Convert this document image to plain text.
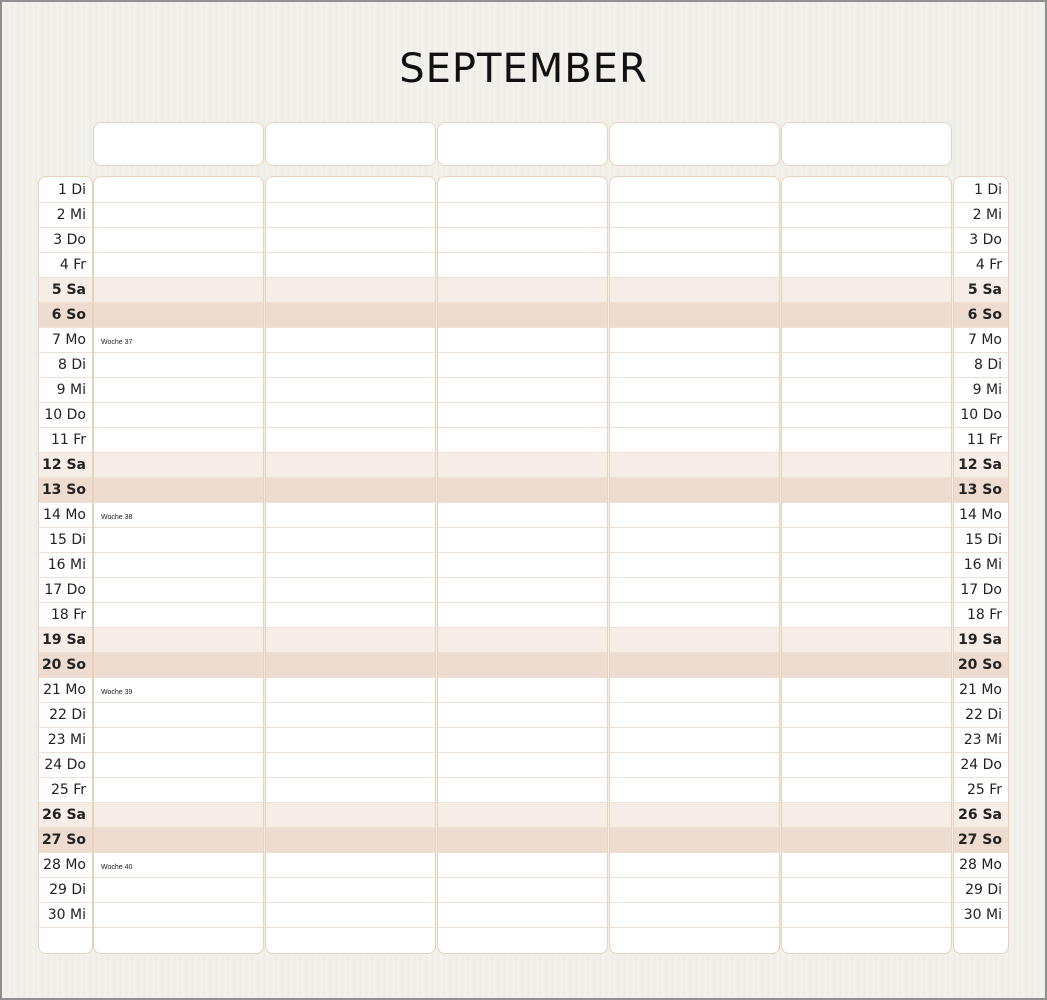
SEPTEMBER
1 Di
2 Mi
3 Do
4 Fr
5 Sa
6 So
7 Mo
8 Di
9 Mi
10 Do
11 Fr
12 Sa
13 So
14 Mo
15 Di
16 Mi
17 Do
18 Fr
19 Sa
20 So
21 Mo
22 Di
23 Mi
24 Do
25 Fr
26 Sa
27 So
28 Mo
29 Di
30 Mi
Woche 37
Woche 38
Woche 39
Woche 40
1 Di
2 Mi
3 Do
4 Fr
5 Sa
6 So
7 Mo
8 Di
9 Mi
10 Do
11 Fr
12 Sa
13 So
14 Mo
15 Di
16 Mi
17 Do
18 Fr
19 Sa
20 So
21 Mo
22 Di
23 Mi
24 Do
25 Fr
26 Sa
27 So
28 Mo
29 Di
30 Mi
